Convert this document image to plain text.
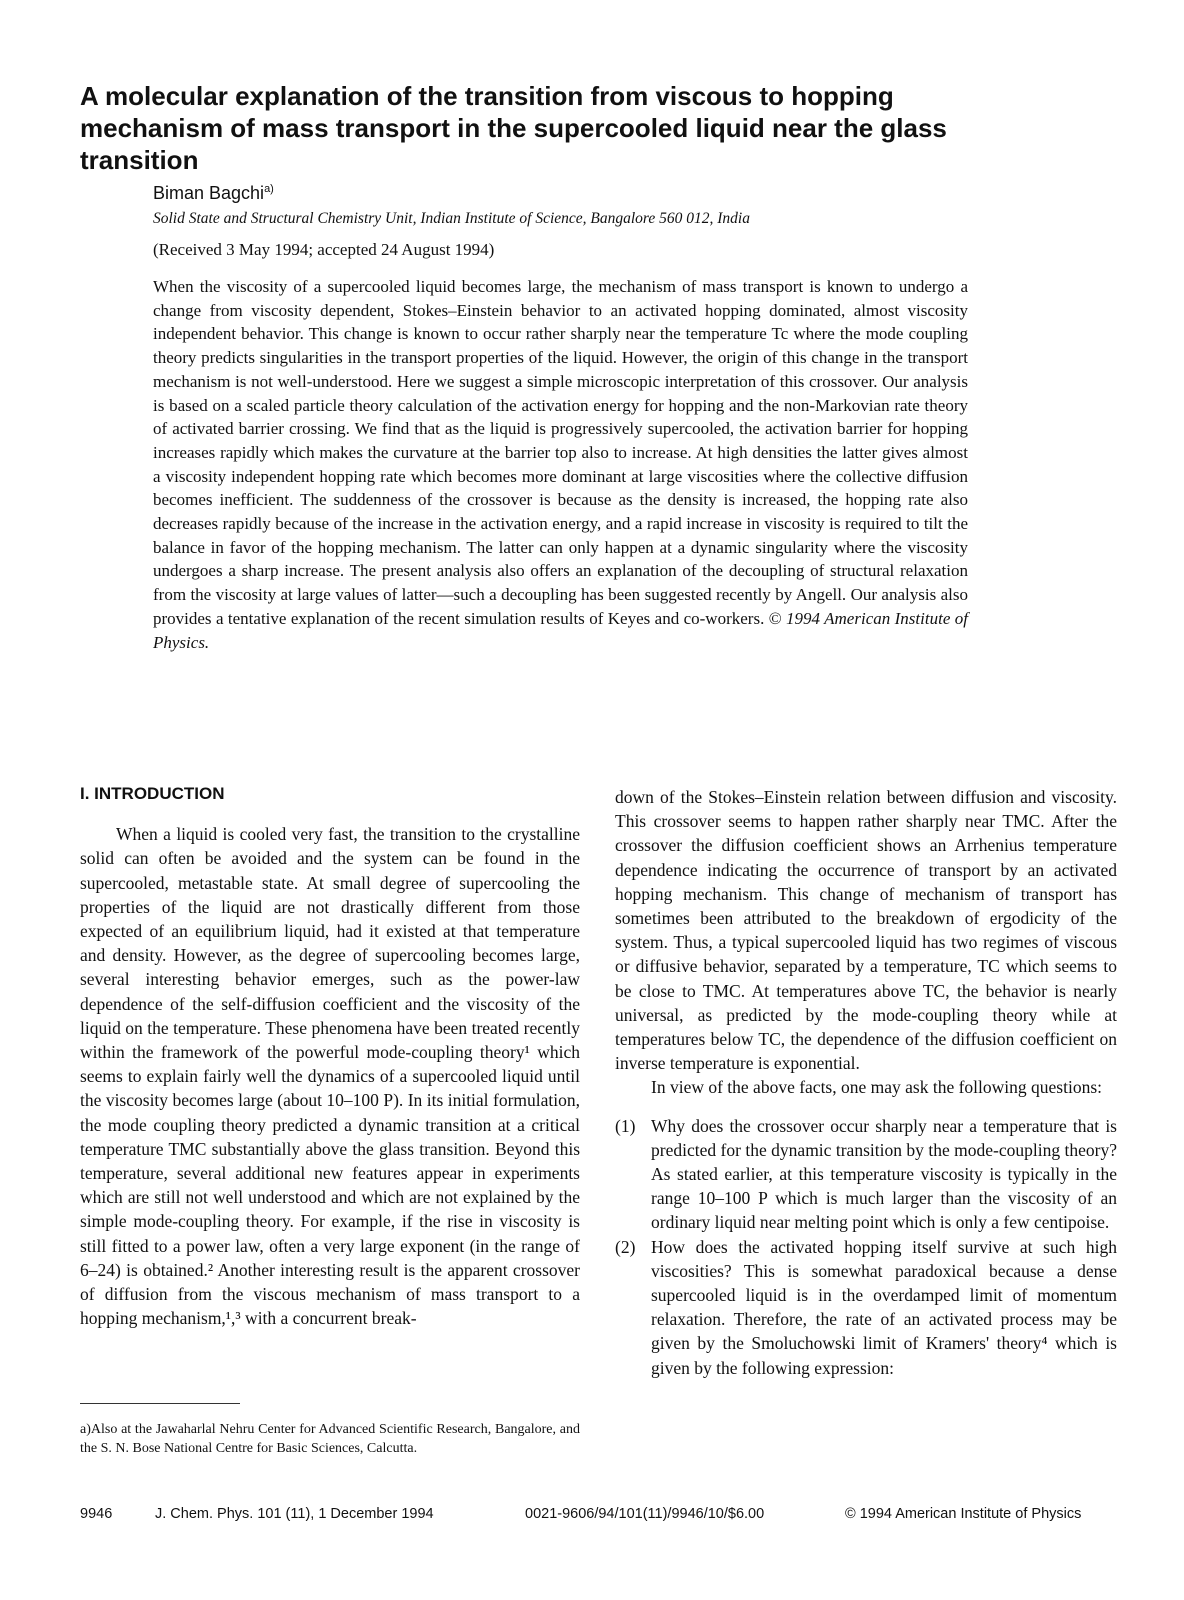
A molecular explanation of the transition from viscous to hopping mechanism of mass transport in the supercooled liquid near the glass transition
Biman Bagchi$^{a)}$
Solid State and Structural Chemistry Unit, Indian Institute of Science, Bangalore 560 012, India
(Received 3 May 1994; accepted 24 August 1994)
When the viscosity of a supercooled liquid becomes large, the mechanism of mass transport is known to undergo a change from viscosity dependent, Stokes–Einstein behavior to an activated hopping dominated, almost viscosity independent behavior. This change is known to occur rather sharply near the temperature Tc where the mode coupling theory predicts singularities in the transport properties of the liquid. However, the origin of this change in the transport mechanism is not well-understood. Here we suggest a simple microscopic interpretation of this crossover. Our analysis is based on a scaled particle theory calculation of the activation energy for hopping and the non-Markovian rate theory of activated barrier crossing. We find that as the liquid is progressively supercooled, the activation barrier for hopping increases rapidly which makes the curvature at the barrier top also to increase. At high densities the latter gives almost a viscosity independent hopping rate which becomes more dominant at large viscosities where the collective diffusion becomes inefficient. The suddenness of the crossover is because as the density is increased, the hopping rate also decreases rapidly because of the increase in the activation energy, and a rapid increase in viscosity is required to tilt the balance in favor of the hopping mechanism. The latter can only happen at a dynamic singularity where the viscosity undergoes a sharp increase. The present analysis also offers an explanation of the decoupling of structural relaxation from the viscosity at large values of latter—such a decoupling has been suggested recently by Angell. Our analysis also provides a tentative explanation of the recent simulation results of Keyes and co-workers. © 1994 American Institute of Physics.
I. INTRODUCTION

When a liquid is cooled very fast, the transition to the crystalline solid can often be avoided and the system can be found in the supercooled, metastable state. At small degree of supercooling the properties of the liquid are not drastically different from those expected of an equilibrium liquid, had it existed at that temperature and density. However, as the degree of supercooling becomes large, several interesting behavior emerges, such as the power-law dependence of the self-diffusion coefficient and the viscosity of the liquid on the temperature. These phenomena have been treated recently within the framework of the powerful mode-coupling theory¹ which seems to explain fairly well the dynamics of a supercooled liquid until the viscosity becomes large (about 10–100 P). In its initial formulation, the mode coupling theory predicted a dynamic transition at a critical temperature TMC substantially above the glass transition. Beyond this temperature, several additional new features appear in experiments which are still not well understood and which are not explained by the simple mode-coupling theory. For example, if the rise in viscosity is still fitted to a power law, often a very large exponent (in the range of 6–24) is obtained.² Another interesting result is the apparent crossover of diffusion from the viscous mechanism of mass transport to a hopping mechanism,¹,³ with a concurrent break-

down of the Stokes–Einstein relation between diffusion and viscosity. This crossover seems to happen rather sharply near TMC. After the crossover the diffusion coefficient shows an Arrhenius temperature dependence indicating the occurrence of transport by an activated hopping mechanism. This change of mechanism of transport has sometimes been attributed to the breakdown of ergodicity of the system. Thus, a typical supercooled liquid has two regimes of viscous or diffusive behavior, separated by a temperature, TC which seems to be close to TMC. At temperatures above TC, the behavior is nearly universal, as predicted by the mode-coupling theory while at temperatures below TC, the dependence of the diffusion coefficient on inverse temperature is exponential.

In view of the above facts, one may ask the following questions:

(1) Why does the crossover occur sharply near a temperature that is predicted for the dynamic transition by the mode-coupling theory? As stated earlier, at this temperature viscosity is typically in the range 10–100 P which is much larger than the viscosity of an ordinary liquid near melting point which is only a few centipoise.
(2) How does the activated hopping itself survive at such high viscosities? This is somewhat paradoxical because a dense supercooled liquid is in the overdamped limit of momentum relaxation. Therefore, the rate of an activated process may be given by the Smoluchowski limit of Kramers' theory⁴ which is given by the following expression:
a)Also at the Jawaharlal Nehru Center for Advanced Scientific Research, Bangalore, and the S. N. Bose National Centre for Basic Sciences, Calcutta.
9946	J. Chem. Phys. 101 (11), 1 December 1994	0021-9606/94/101(11)/9946/10/$6.00	© 1994 American Institute of Physics
